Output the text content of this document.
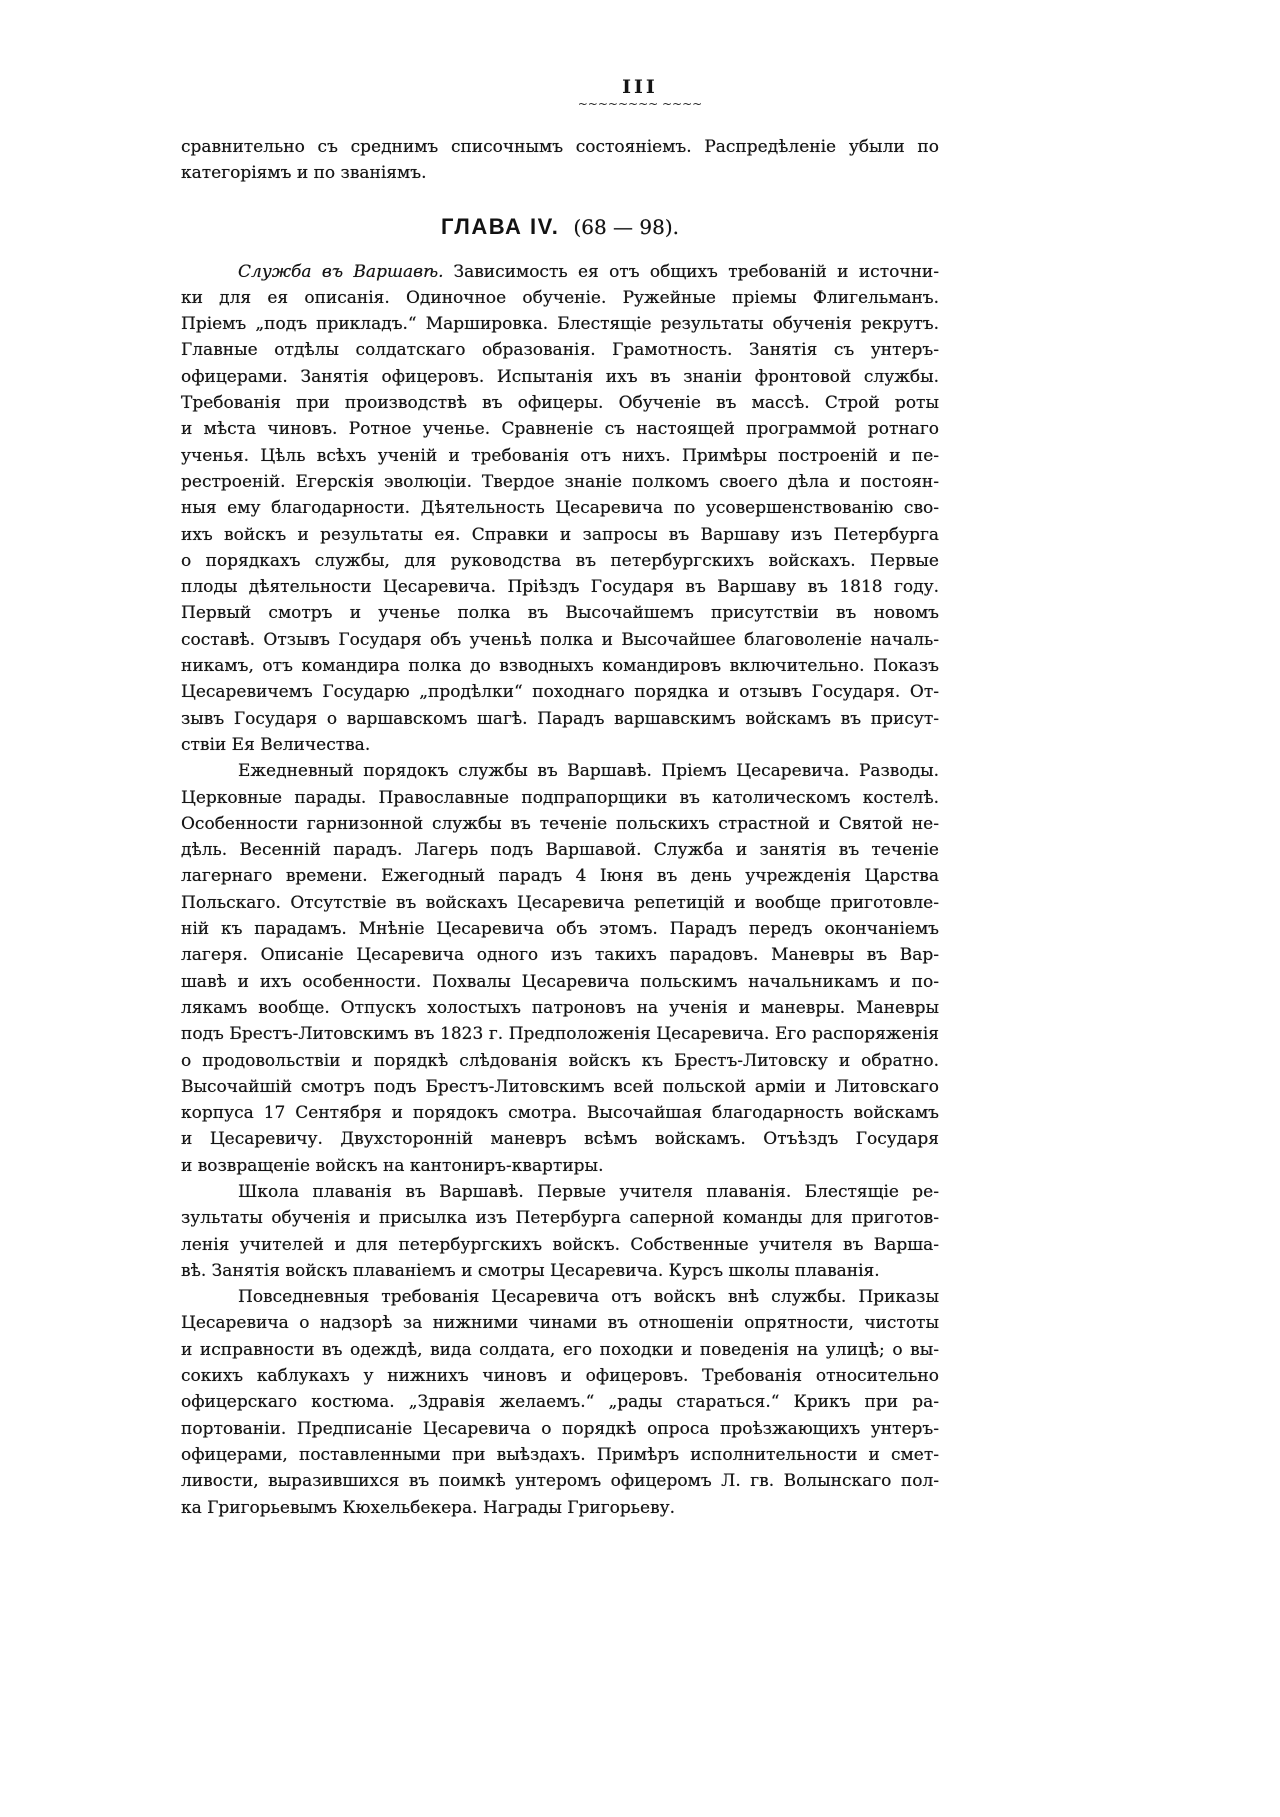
III
~~~~~~~~ ~~~~
сравнительно съ среднимъ списочнымъ состояніемъ. Распредѣленіе убыли по
категоріямъ и по званіямъ.
ГЛАВА IV. (68 — 98).
Служба въ Варшавѣ. Зависимость ея отъ общихъ требованій и источни-
ки для ея описанія. Одиночное обученіе. Ружейные пріемы Флигельманъ.
Пріемъ „подъ прикладъ.“ Маршировка. Блестящіе результаты обученія рекрутъ.
Главные отдѣлы солдатскаго образованія. Грамотность. Занятія съ унтеръ-
офицерами. Занятія офицеровъ. Испытанія ихъ въ знаніи фронтовой службы.
Требованія при производствѣ въ офицеры. Обученіе въ массѣ. Строй роты
и мѣста чиновъ. Ротное ученье. Сравненіе съ настоящей программой ротнаго
ученья. Цѣль всѣхъ ученій и требованія отъ нихъ. Примѣры построеній и пе-
рестроеній. Егерскія эволюціи. Твердое знаніе полкомъ своего дѣла и постоян-
ныя ему благодарности. Дѣятельность Цесаревича по усовершенствованію сво-
ихъ войскъ и результаты ея. Справки и запросы въ Варшаву изъ Петербурга
о порядкахъ службы, для руководства въ петербургскихъ войскахъ. Первые
плоды дѣятельности Цесаревича. Пріѣздъ Государя въ Варшаву въ 1818 году.
Первый смотръ и ученье полка въ Высочайшемъ присутствіи въ новомъ
составѣ. Отзывъ Государя объ ученьѣ полка и Высочайшее благоволеніе началь-
никамъ, отъ командира полка до взводныхъ командировъ включительно. Показъ
Цесаревичемъ Государю „продѣлки“ походнаго порядка и отзывъ Государя. От-
зывъ Государя о варшавскомъ шагѣ. Парадъ варшавскимъ войскамъ въ присут-
ствіи Ея Величества.
Ежедневный порядокъ службы въ Варшавѣ. Пріемъ Цесаревича. Разводы.
Церковные парады. Православные подпрапорщики въ католическомъ костелѣ.
Особенности гарнизонной службы въ теченіе польскихъ страстной и Святой не-
дѣль. Весенній парадъ. Лагерь подъ Варшавой. Служба и занятія въ теченіе
лагернаго времени. Ежегодный парадъ 4 Іюня въ день учрежденія Царства
Польскаго. Отсутствіе въ войскахъ Цесаревича репетицій и вообще приготовле-
ній къ парадамъ. Мнѣніе Цесаревича объ этомъ. Парадъ передъ окончаніемъ
лагеря. Описаніе Цесаревича одного изъ такихъ парадовъ. Маневры въ Вар-
шавѣ и ихъ особенности. Похвалы Цесаревича польскимъ начальникамъ и по-
лякамъ вообще. Отпускъ холостыхъ патроновъ на ученія и маневры. Маневры
подъ Брестъ-Литовскимъ въ 1823 г. Предположенія Цесаревича. Его распоряженія
о продовольствіи и порядкѣ слѣдованія войскъ къ Брестъ-Литовску и обратно.
Высочайшій смотръ подъ Брестъ-Литовскимъ всей польской арміи и Литовскаго
корпуса 17 Сентября и порядокъ смотра. Высочайшая благодарность войскамъ
и Цесаревичу. Двухсторонній маневръ всѣмъ войскамъ. Отъѣздъ Государя
и возвращеніе войскъ на кантониръ-квартиры.
Школа плаванія въ Варшавѣ. Первые учителя плаванія. Блестящіе ре-
зультаты обученія и присылка изъ Петербурга саперной команды для приготов-
ленія учителей и для петербургскихъ войскъ. Собственные учителя въ Варша-
вѣ. Занятія войскъ плаваніемъ и смотры Цесаревича. Курсъ школы плаванія.
Повседневныя требованія Цесаревича отъ войскъ внѣ службы. Приказы
Цесаревича о надзорѣ за нижними чинами въ отношеніи опрятности, чистоты
и исправности въ одеждѣ, вида солдата, его походки и поведенія на улицѣ; о вы-
сокихъ каблукахъ у нижнихъ чиновъ и офицеровъ. Требованія относительно
офицерскаго костюма. „Здравія желаемъ.“ „рады стараться.“ Крикъ при ра-
портованіи. Предписаніе Цесаревича о порядкѣ опроса проѣзжающихъ унтеръ-
офицерами, поставленными при выѣздахъ. Примѣръ исполнительности и смет-
ливости, выразившихся въ поимкѣ унтеромъ офицеромъ Л. гв. Волынскаго пол-
ка Григорьевымъ Кюхельбекера. Награды Григорьеву.
